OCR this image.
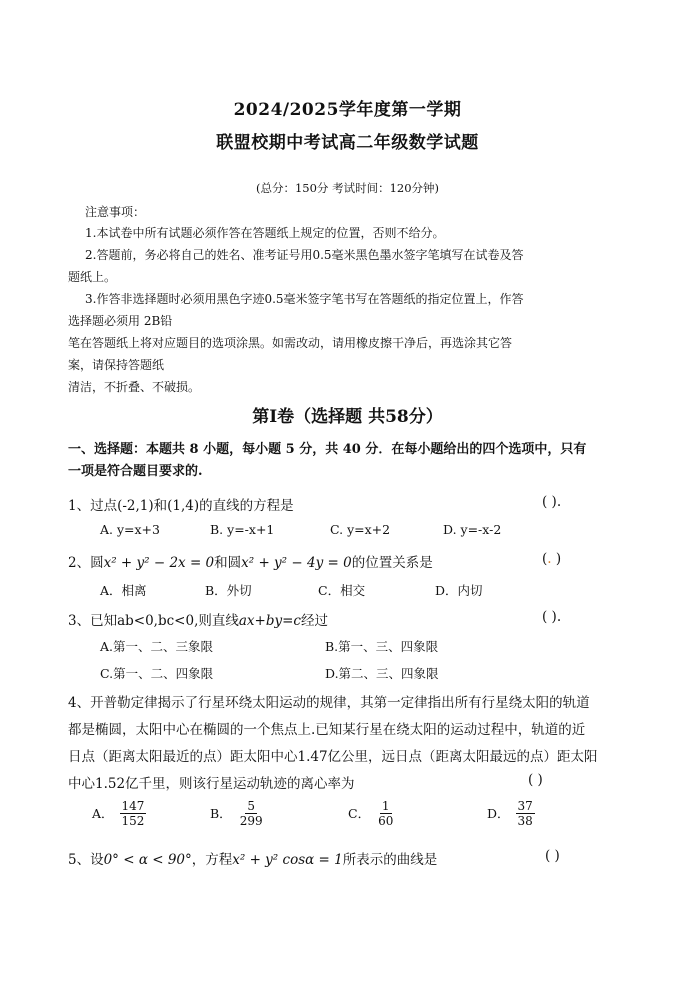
2024/2025学年度第一学期
联盟校期中考试高二年级数学试题
(总分：150分 考试时间：120分钟)
注意事项：
1.本试卷中所有试题必须作答在答题纸上规定的位置，否则不给分。
2.答题前，务必将自己的姓名、准考证号用0.5毫米黑色墨水签字笔填写在试卷及答
题纸上。
3.作答非选择题时必须用黑色字迹0.5毫米签字笔书写在答题纸的指定位置上，作答
选择题必须用 2B铅
笔在答题纸上将对应题目的选项涂黑。如需改动，请用橡皮擦干净后，再选涂其它答
案，请保持答题纸
清洁，不折叠、不破损。
第Ⅰ卷（选择题 共58分）
一、选择题：本题共 8 小题，每小题 5 分，共 40 分．在每小题给出的四个选项中，只有
一项是符合题目要求的.
1、过点(-2,1)和(1,4)的直线的方程是	( ).
A. y=x+3	B. y=-x+1	C. y=x+2	D. y=-x-2
2、圆x² + y² − 2x = 0和圆x² + y² − 4y = 0的位置关系是	(. )
A．相离	B．外切	C．相交	D．内切
3、已知ab<0,bc<0,则直线ax+by=c经过	( ).
A.第一、二、三象限	B.第一、三、四象限
C.第一、二、四象限	D.第二、三、四象限
4、开普勒定律揭示了行星环绕太阳运动的规律，其第一定律指出所有行星绕太阳的轨道
都是椭圆，太阳中心在椭圆的一个焦点上.已知某行星在绕太阳的运动过程中，轨道的近
日点（距离太阳最近的点）距太阳中心1.47亿公里，远日点（距离太阳最远的点）距太阳
中心1.52亿千里，则该行星运动轨迹的离心率为	( )
A． $\frac{147}{152}$	B． $\frac{5}{299}$	C． $\frac{1}{60}$	D． $\frac{37}{38}$
5、设0° < α < 90°，方程x² + y² cosα = 1所表示的曲线是	( )
